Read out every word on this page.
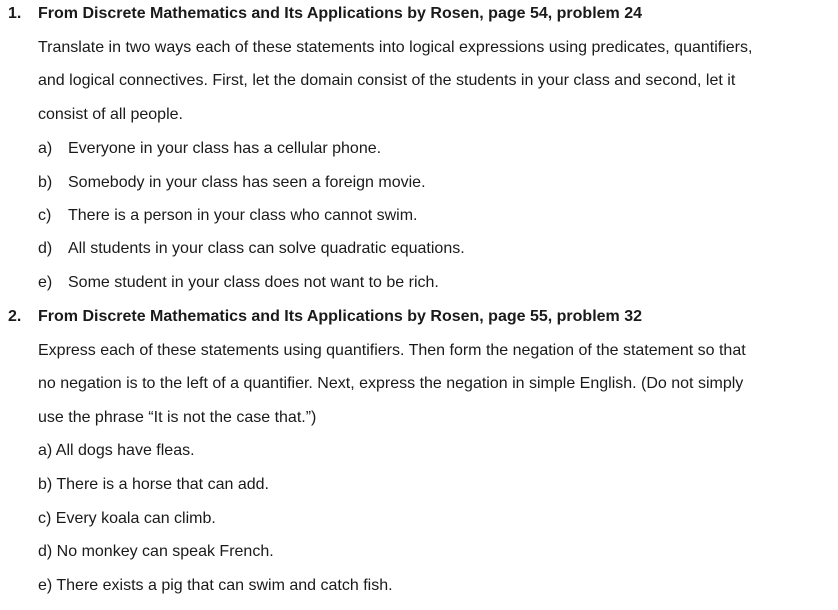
1. From Discrete Mathematics and Its Applications by Rosen, page 54, problem 24
Translate in two ways each of these statements into logical expressions using predicates, quantifiers,
and logical connectives. First, let the domain consist of the students in your class and second, let it
consist of all people.
a) Everyone in your class has a cellular phone.
b) Somebody in your class has seen a foreign movie.
c) There is a person in your class who cannot swim.
d) All students in your class can solve quadratic equations.
e) Some student in your class does not want to be rich.
2. From Discrete Mathematics and Its Applications by Rosen, page 55, problem 32
Express each of these statements using quantifiers. Then form the negation of the statement so that
no negation is to the left of a quantifier. Next, express the negation in simple English. (Do not simply
use the phrase “It is not the case that.”)
a) All dogs have fleas.
b) There is a horse that can add.
c) Every koala can climb.
d) No monkey can speak French.
e) There exists a pig that can swim and catch fish.
